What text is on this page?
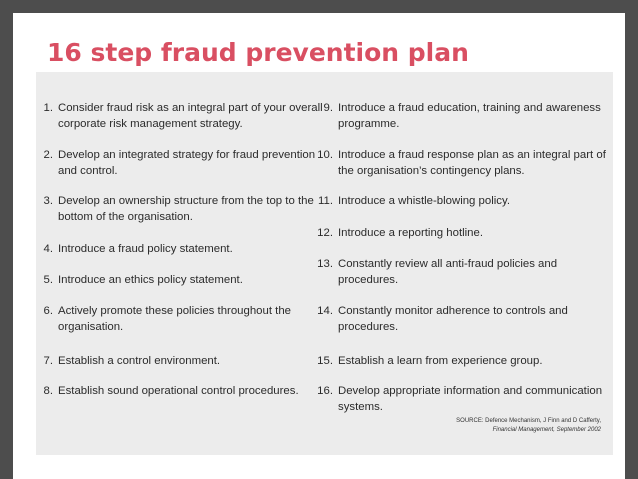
16 step fraud prevention plan
1. Consider fraud risk as an integral part of your overall corporate risk management strategy.
2. Develop an integrated strategy for fraud prevention and control.
3. Develop an ownership structure from the top to the bottom of the organisation.
4. Introduce a fraud policy statement.
5. Introduce an ethics policy statement.
6. Actively promote these policies throughout the organisation.
7. Establish a control environment.
8. Establish sound operational control procedures.
9. Introduce a fraud education, training and awareness programme.
10. Introduce a fraud response plan as an integral part of the organisation’s contingency plans.
11. Introduce a whistle-blowing policy.
12. Introduce a reporting hotline.
13. Constantly review all anti-fraud policies and procedures.
14. Constantly monitor adherence to controls and procedures.
15. Establish a learn from experience group.
16. Develop appropriate information and communication systems.
SOURCE: Defence Mechanism, J Finn and D Cafferty,
Financial Management, September 2002
